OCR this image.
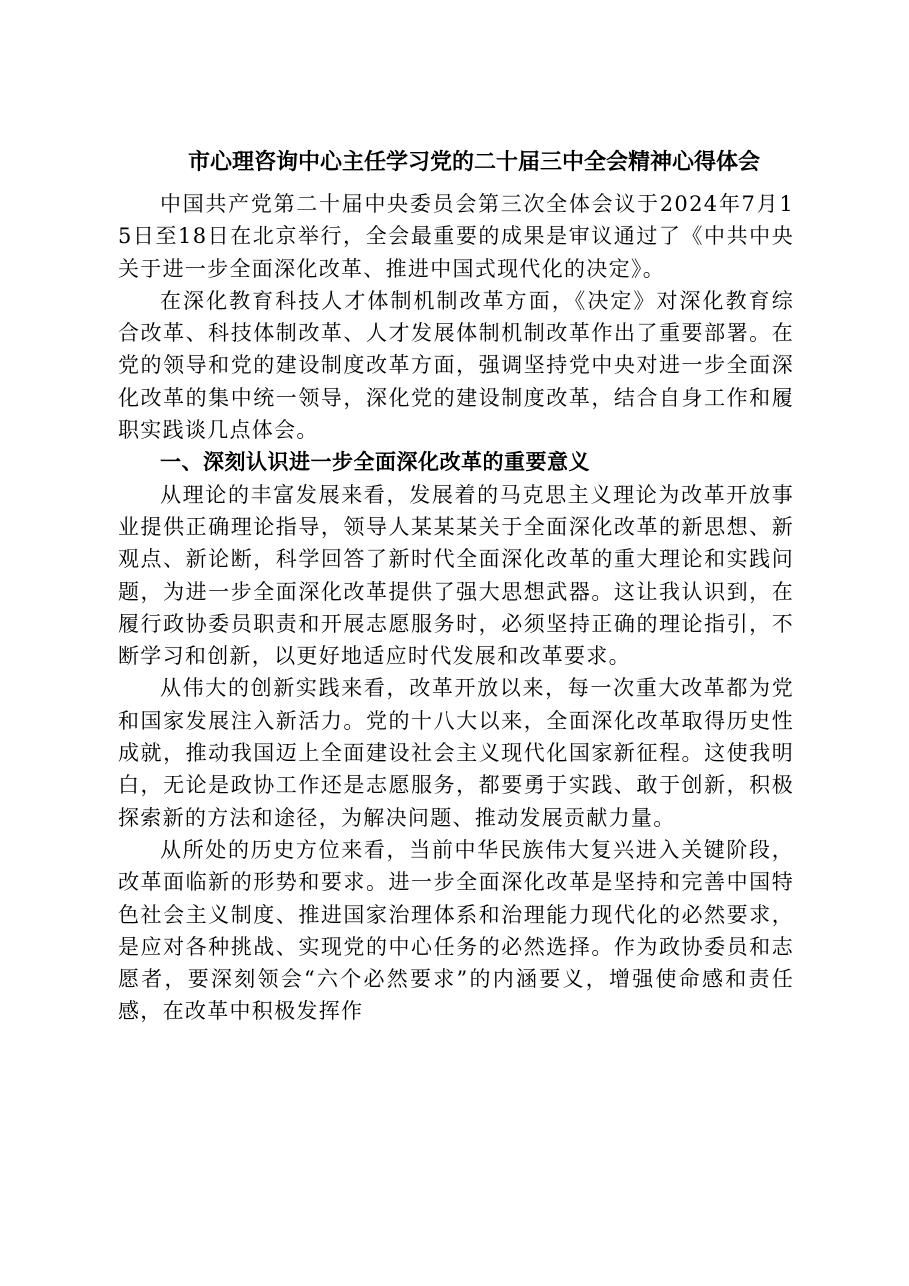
市心理咨询中心主任学习党的二十届三中全会精神心得体会

中国共产党第二十届中央委员会第三次全体会议于2024年7月15日至18日在北京举行，全会最重要的成果是审议通过了《中共中央关于进一步全面深化改革、推进中国式现代化的决定》。

在深化教育科技人才体制机制改革方面，《决定》对深化教育综合改革、科技体制改革、人才发展体制机制改革作出了重要部署。在党的领导和党的建设制度改革方面，强调坚持党中央对进一步全面深化改革的集中统一领导，深化党的建设制度改革，结合自身工作和履职实践谈几点体会。

一、深刻认识进一步全面深化改革的重要意义

从理论的丰富发展来看，发展着的马克思主义理论为改革开放事业提供正确理论指导，领导人某某某关于全面深化改革的新思想、新观点、新论断，科学回答了新时代全面深化改革的重大理论和实践问题，为进一步全面深化改革提供了强大思想武器。这让我认识到，在履行政协委员职责和开展志愿服务时，必须坚持正确的理论指引，不断学习和创新，以更好地适应时代发展和改革要求。

从伟大的创新实践来看，改革开放以来，每一次重大改革都为党和国家发展注入新活力。党的十八大以来，全面深化改革取得历史性成就，推动我国迈上全面建设社会主义现代化国家新征程。这使我明白，无论是政协工作还是志愿服务，都要勇于实践、敢于创新，积极探索新的方法和途径，为解决问题、推动发展贡献力量。

从所处的历史方位来看，当前中华民族伟大复兴进入关键阶段，改革面临新的形势和要求。进一步全面深化改革是坚持和完善中国特色社会主义制度、推进国家治理体系和治理能力现代化的必然要求，是应对各种挑战、实现党的中心任务的必然选择。作为政协委员和志愿者，要深刻领会“六个必然要求”的内涵要义，增强使命感和责任感，在改革中积极发挥作
